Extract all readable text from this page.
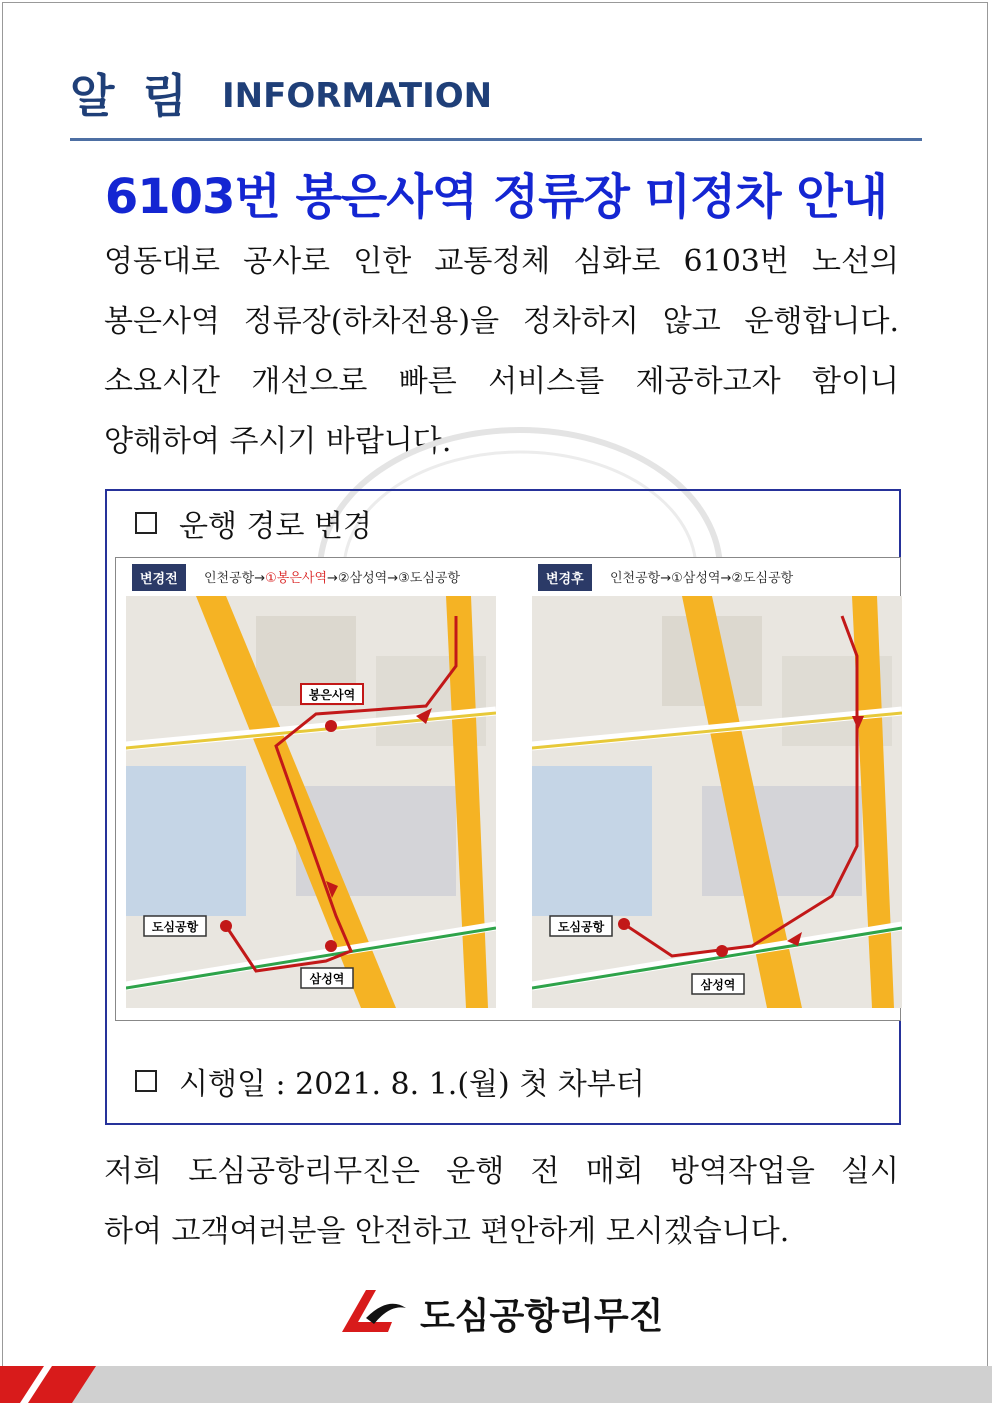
알 림 INFORMATION
6103번 봉은사역 정류장 미정차 안내
영동대로 공사로 인한 교통정체 심화로 6103번 노선의
봉은사역 정류장(하차전용)을 정차하지 않고 운행합니다.
소요시간 개선으로 빠른 서비스를 제공하고자 함이니
양해하여 주시기 바랍니다.
운행 경로 변경
변경전	인천공항→①봉은사역→②삼성역→③도심공항
봉은사역
삼성역
도심공항
변경후	인천공항→①삼성역→②도심공항
삼성역
도심공항
시행일 : 2021. 8. 1.(월) 첫 차부터
저희 도심공항리무진은 운행 전 매회 방역작업을 실시
하여 고객여러분을 안전하고 편안하게 모시겠습니다.
도심공항리무진
